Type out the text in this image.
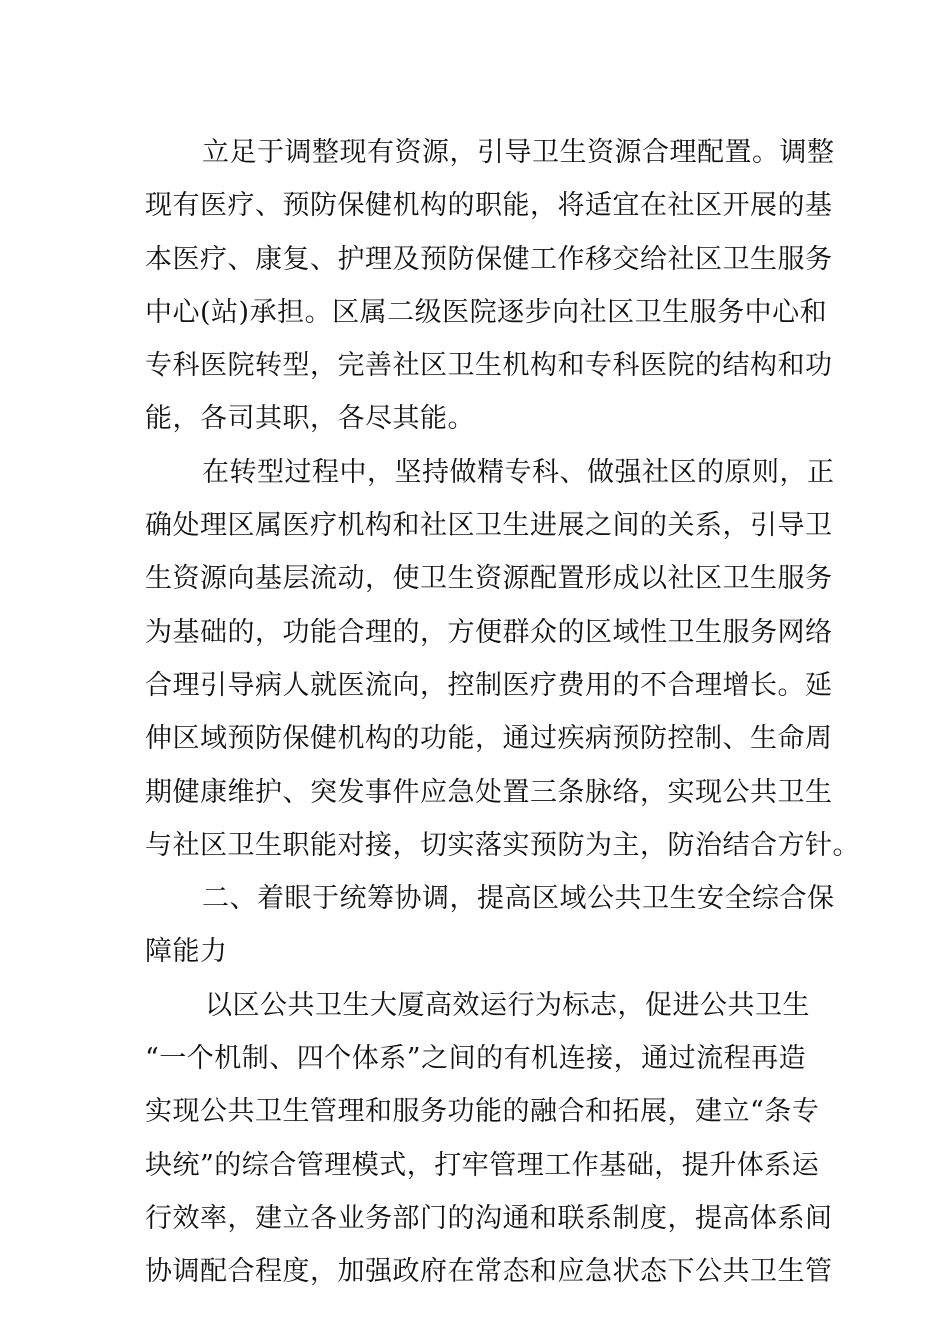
立足于调整现有资源，引导卫生资源合理配置。调整
现有医疗、预防保健机构的职能，将适宜在社区开展的基
本医疗、康复、护理及预防保健工作移交给社区卫生服务
中心(站)承担。区属二级医院逐步向社区卫生服务中心和
专科医院转型，完善社区卫生机构和专科医院的结构和功
能，各司其职，各尽其能。
在转型过程中，坚持做精专科、做强社区的原则，正
确处理区属医疗机构和社区卫生进展之间的关系，引导卫
生资源向基层流动，使卫生资源配置形成以社区卫生服务
为基础的，功能合理的，方便群众的区域性卫生服务网络
合理引导病人就医流向，控制医疗费用的不合理增长。延
伸区域预防保健机构的功能，通过疾病预防控制、生命周
期健康维护、突发事件应急处置三条脉络，实现公共卫生
与社区卫生职能对接，切实落实预防为主，防治结合方针。
二、着眼于统筹协调，提高区域公共卫生安全综合保
障能力
以区公共卫生大厦高效运行为标志，促进公共卫生
“一个机制、四个体系”之间的有机连接，通过流程再造
实现公共卫生管理和服务功能的融合和拓展，建立“条专
块统”的综合管理模式，打牢管理工作基础，提升体系运
行效率，建立各业务部门的沟通和联系制度，提高体系间
协调配合程度，加强政府在常态和应急状态下公共卫生管
